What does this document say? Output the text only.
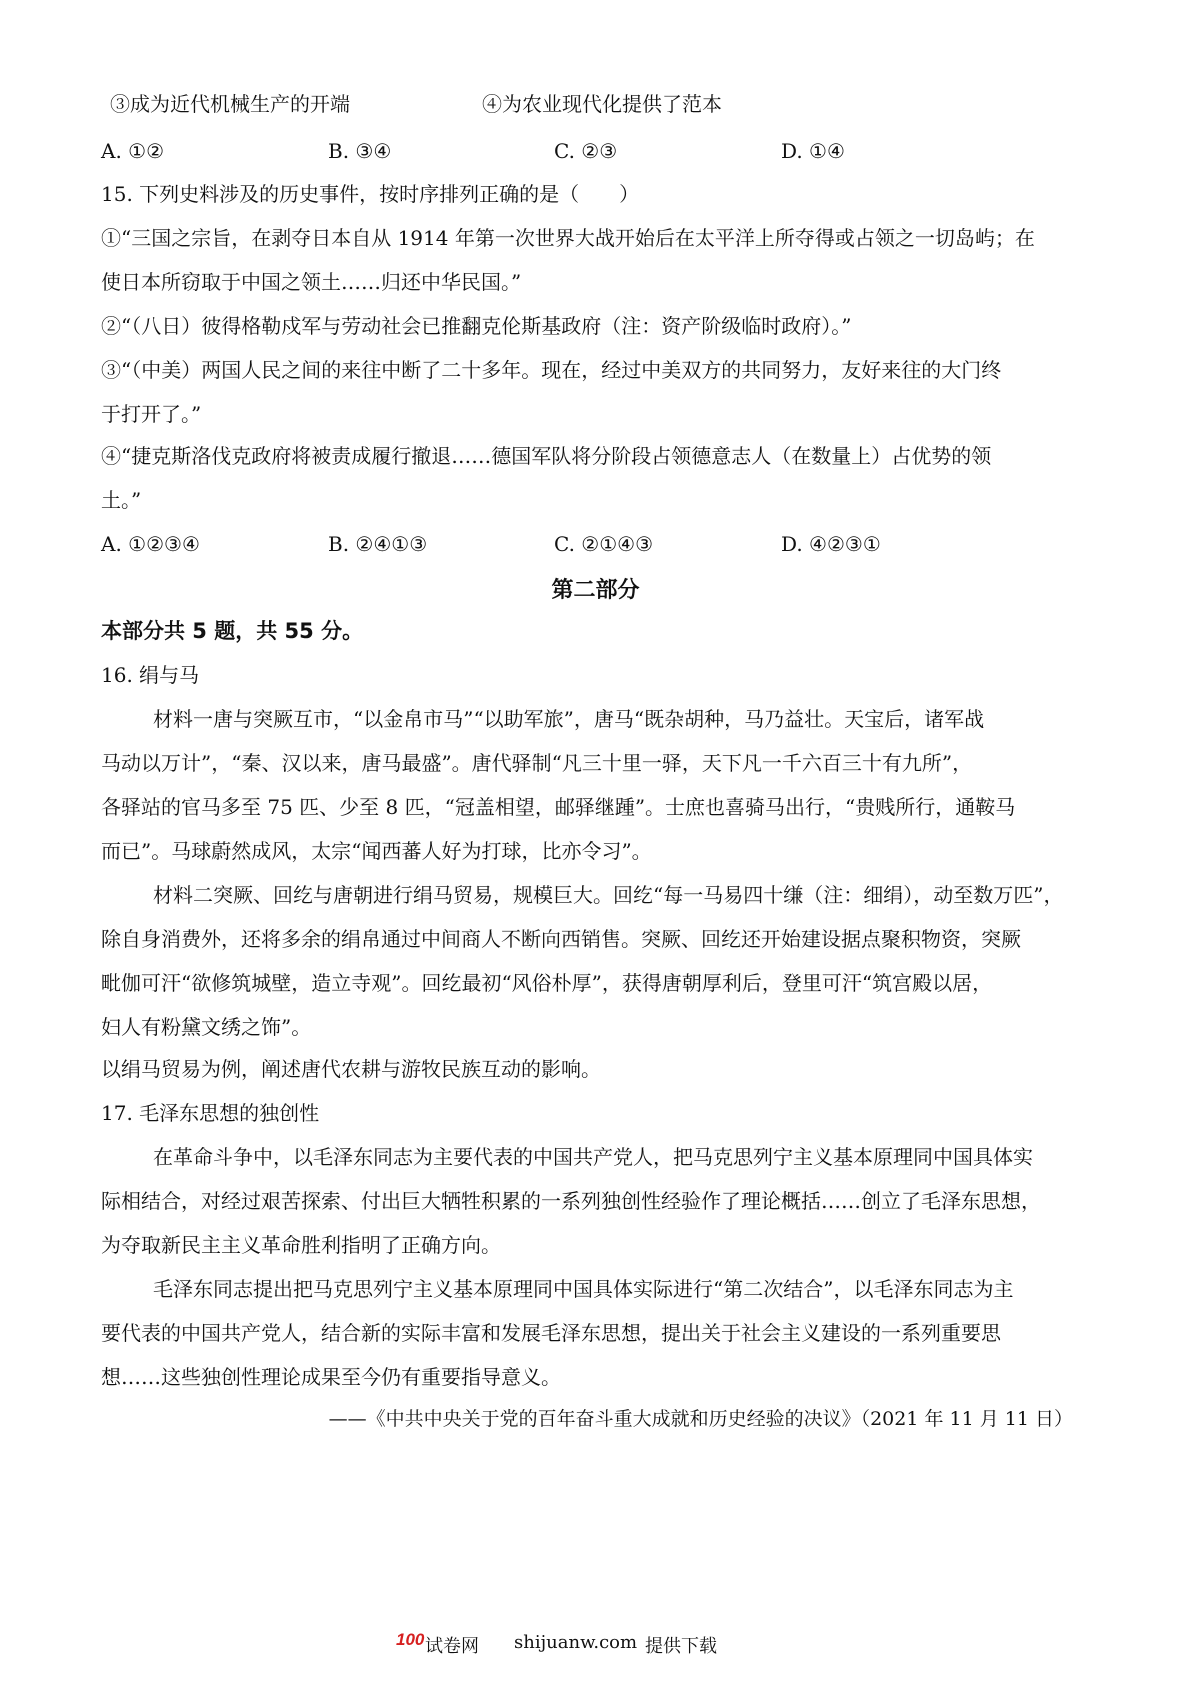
③成为近代机械生产的开端	④为农业现代化提供了范本
A. ①②	B. ③④	C. ②③	D. ①④
15. 下列史料涉及的历史事件，按时序排列正确的是（　　）
①“三国之宗旨，在剥夺日本自从 1914 年第一次世界大战开始后在太平洋上所夺得或占领之一切岛屿；在
使日本所窃取于中国之领土……归还中华民国。”
②“（八日）彼得格勒戍军与劳动社会已推翻克伦斯基政府（注：资产阶级临时政府）。”
③“（中美）两国人民之间的来往中断了二十多年。现在，经过中美双方的共同努力，友好来往的大门终
于打开了。”
④“捷克斯洛伐克政府将被责成履行撤退……德国军队将分阶段占领德意志人（在数量上）占优势的领
土。”
A. ①②③④	B. ②④①③	C. ②①④③	D. ④②③①
第二部分
本部分共 5 题，共 55 分。
16. 绢与马
材料一唐与突厥互市，“以金帛市马”“以助军旅”，唐马“既杂胡种，马乃益壮。天宝后，诸军战
马动以万计”，“秦、汉以来，唐马最盛”。唐代驿制“凡三十里一驿，天下凡一千六百三十有九所”，
各驿站的官马多至 75 匹、少至 8 匹，“冠盖相望，邮驿继踵”。士庶也喜骑马出行，“贵贱所行，通鞍马
而已”。马球蔚然成风，太宗“闻西蕃人好为打球，比亦令习”。
材料二突厥、回纥与唐朝进行绢马贸易，规模巨大。回纥“每一马易四十缣（注：细绢），动至数万匹”，
除自身消费外，还将多余的绢帛通过中间商人不断向西销售。突厥、回纥还开始建设据点聚积物资，突厥
毗伽可汗“欲修筑城壁，造立寺观”。回纥最初“风俗朴厚”，获得唐朝厚利后，登里可汗“筑宫殿以居，
妇人有粉黛文绣之饰”。
以绢马贸易为例，阐述唐代农耕与游牧民族互动的影响。
17. 毛泽东思想的独创性
在革命斗争中，以毛泽东同志为主要代表的中国共产党人，把马克思列宁主义基本原理同中国具体实
际相结合，对经过艰苦探索、付出巨大牺牲积累的一系列独创性经验作了理论概括……创立了毛泽东思想，
为夺取新民主主义革命胜利指明了正确方向。
毛泽东同志提出把马克思列宁主义基本原理同中国具体实际进行“第二次结合”，以毛泽东同志为主
要代表的中国共产党人，结合新的实际丰富和发展毛泽东思想，提出关于社会主义建设的一系列重要思
想……这些独创性理论成果至今仍有重要指导意义。
——《中共中央关于党的百年奋斗重大成就和历史经验的决议》（2021 年 11 月 11 日）
100 试卷网 shijuanw.com 提供下载
